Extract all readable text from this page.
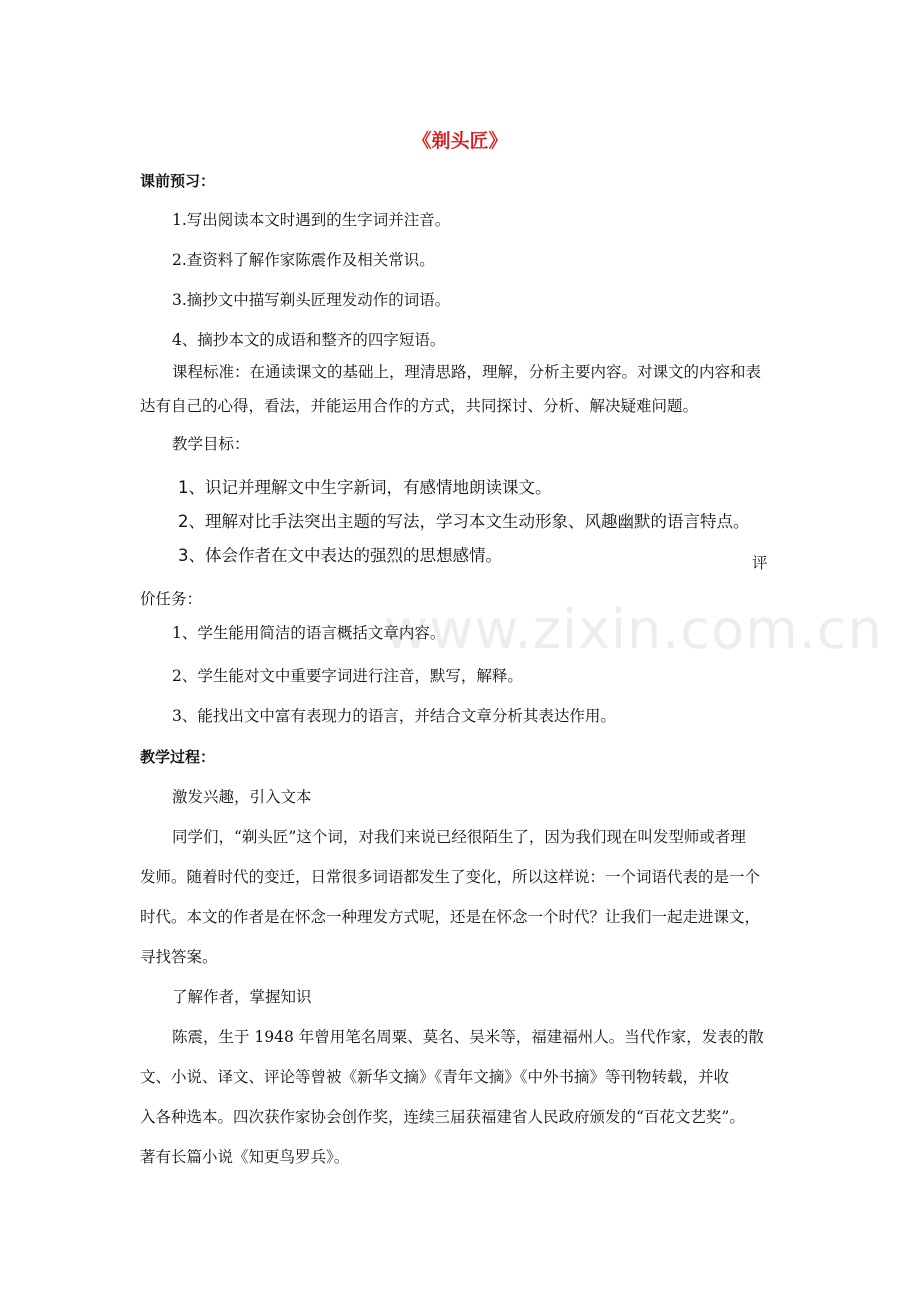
www.zixin.com.cn
《剃头匠》
课前预习：
1.写出阅读本文时遇到的生字词并注音。
2.查资料了解作家陈震作及相关常识。
3.摘抄文中描写剃头匠理发动作的词语。
4、摘抄本文的成语和整齐的四字短语。
课程标准：在通读课文的基础上，理清思路，理解，分析主要内容。对课文的内容和表
达有自己的心得，看法，并能运用合作的方式，共同探讨、分析、解决疑难问题。
教学目标：
1、识记并理解文中生字新词，有感情地朗读课文。
2、理解对比手法突出主题的写法，学习本文生动形象、风趣幽默的语言特点。
3、体会作者在文中表达的强烈的思想感情。	评
价任务：
1、学生能用简洁的语言概括文章内容。
2、学生能对文中重要字词进行注音，默写，解释。
3、能找出文中富有表现力的语言，并结合文章分析其表达作用。
教学过程：
激发兴趣，引入文本
同学们，“剃头匠”这个词，对我们来说已经很陌生了，因为我们现在叫发型师或者理
发师。随着时代的变迁，日常很多词语都发生了变化，所以这样说：一个词语代表的是一个
时代。本文的作者是在怀念一种理发方式呢，还是在怀念一个时代？让我们一起走进课文，
寻找答案。
了解作者，掌握知识
陈震，生于 1948 年曾用笔名周粟、莫名、吴米等，福建福州人。当代作家，发表的散
文、小说、译文、评论等曾被《新华文摘》《青年文摘》《中外书摘》等刊物转载，并收
入各种选本。四次获作家协会创作奖，连续三届获福建省人民政府颁发的“百花文艺奖”。
著有长篇小说《知更鸟罗兵》。
